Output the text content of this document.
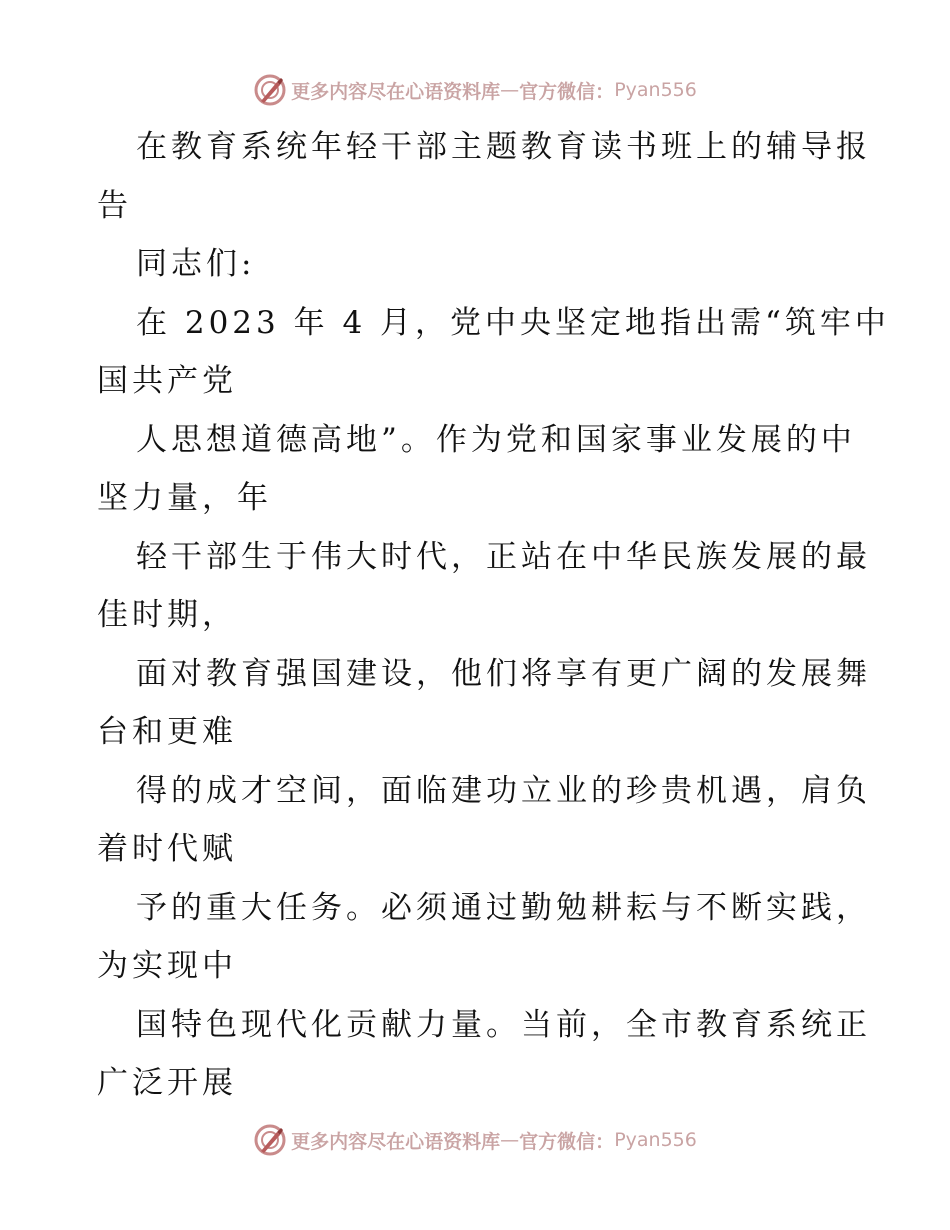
更多内容尽在心语资料库 — 官方微信： Pyan556
在教育系统年轻干部主题教育读书班上的辅导报
告
同志们:
在 2023 年 4 月，党中央坚定地指出需“筑牢中
国共产党
人思想道德高地”。作为党和国家事业发展的中
坚力量，年
轻干部生于伟大时代，正站在中华民族发展的最
佳时期，
面对教育强国建设，他们将享有更广阔的发展舞
台和更难
得的成才空间，面临建功立业的珍贵机遇，肩负
着时代赋
予的重大任务。必须通过勤勉耕耘与不断实践，
为实现中
国特色现代化贡献力量。当前，全市教育系统正
广泛开展
更多内容尽在心语资料库 — 官方微信： Pyan556
